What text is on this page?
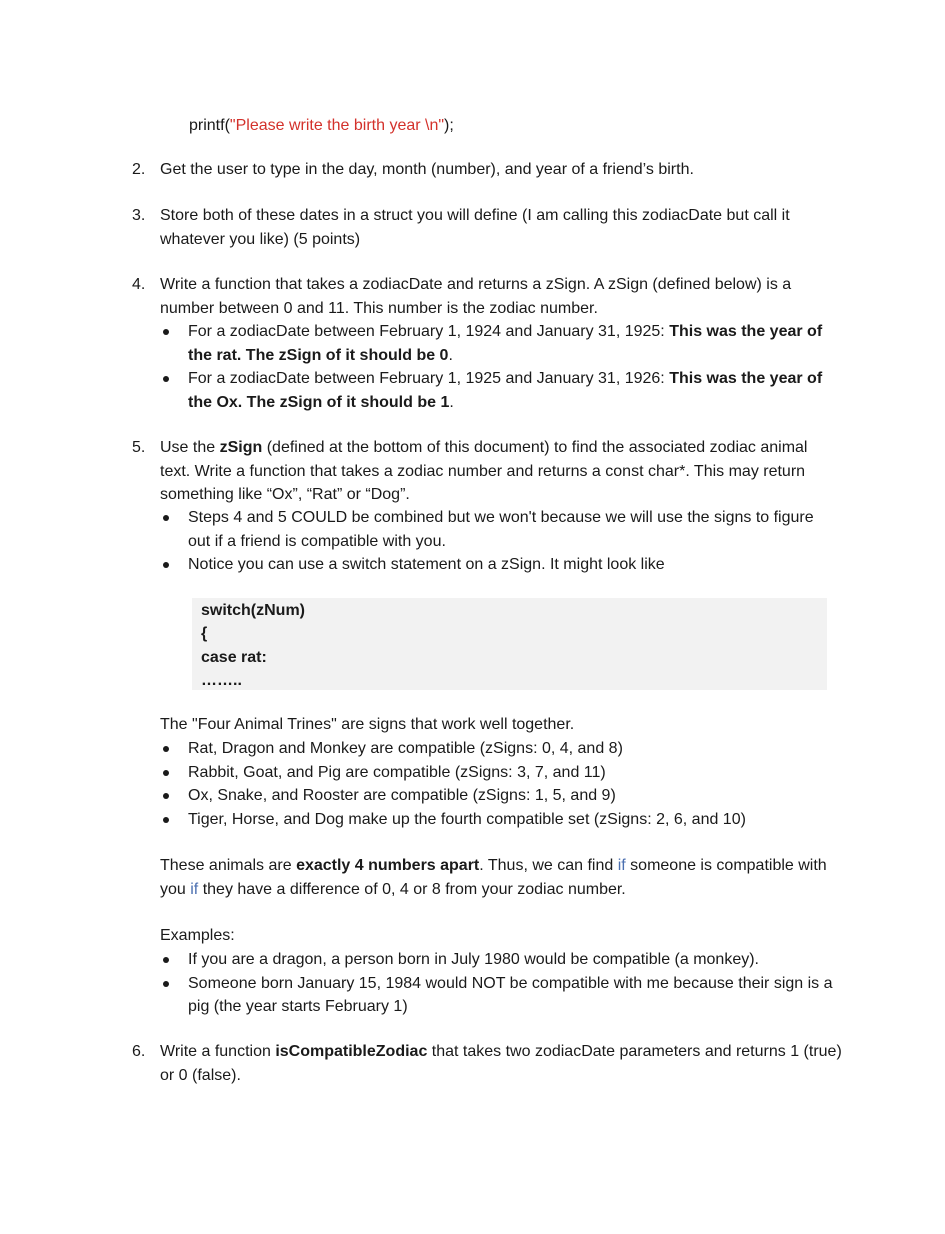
printf("Please write the birth year \n");
2. Get the user to type in the day, month (number), and year of a friend’s birth.
3. Store both of these dates in a struct you will define (I am calling this zodiacDate but call it whatever you like) (5 points)
4. Write a function that takes a zodiacDate and returns a zSign. A zSign (defined below) is a number between 0 and 11. This number is the zodiac number.
For a zodiacDate between February 1, 1924 and January 31, 1925: This was the year of the rat. The zSign of it should be 0.
For a zodiacDate between February 1, 1925 and January 31, 1926: This was the year of the Ox. The zSign of it should be 1.
5. Use the zSign (defined at the bottom of this document) to find the associated zodiac animal text. Write a function that takes a zodiac number and returns a const char*. This may return something like “Ox”, “Rat” or “Dog”.
Steps 4 and 5 COULD be combined but we won't because we will use the signs to figure out if a friend is compatible with you.
Notice you can use a switch statement on a zSign. It might look like
switch(zNum)
{
case rat:
……..
The "Four Animal Trines" are signs that work well together.
Rat, Dragon and Monkey are compatible (zSigns: 0, 4, and 8)
Rabbit, Goat, and Pig are compatible (zSigns: 3, 7, and 11)
Ox, Snake, and Rooster are compatible (zSigns: 1, 5, and 9)
Tiger, Horse, and Dog make up the fourth compatible set (zSigns: 2, 6, and 10)
These animals are exactly 4 numbers apart. Thus, we can find if someone is compatible with you if they have a difference of 0, 4 or 8 from your zodiac number.
Examples:
If you are a dragon, a person born in July 1980 would be compatible (a monkey).
Someone born January 15, 1984 would NOT be compatible with me because their sign is a pig (the year starts February 1)
6. Write a function isCompatibleZodiac that takes two zodiacDate parameters and returns 1 (true) or 0 (false).
